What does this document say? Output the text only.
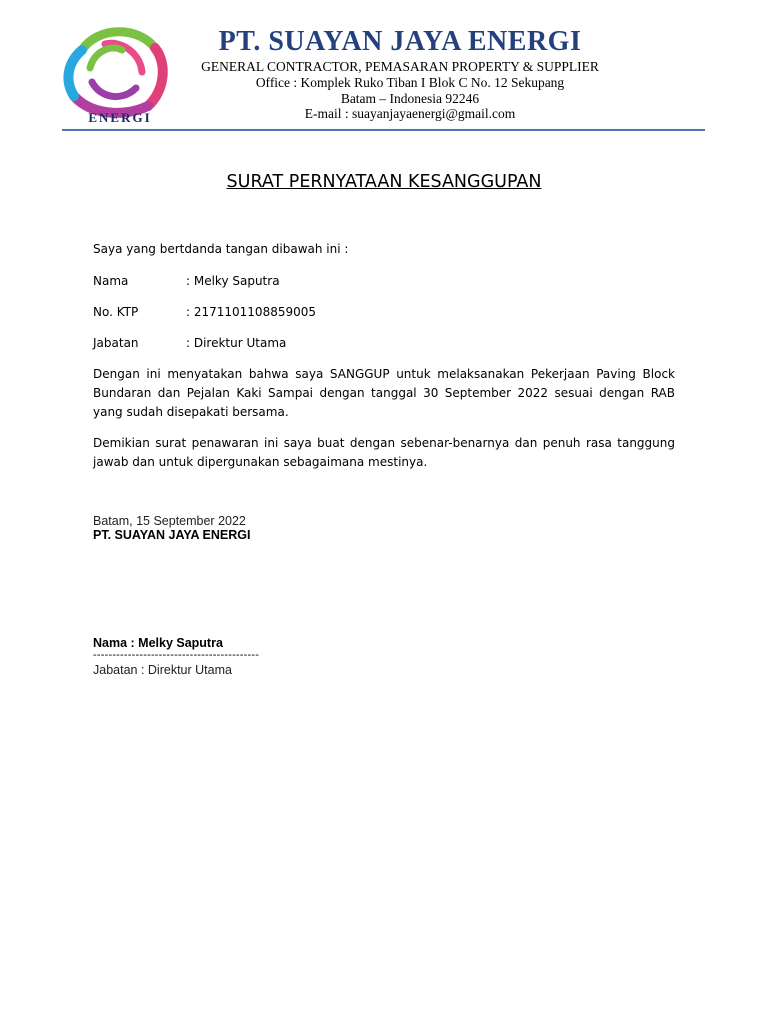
ENERGI
PT. SUAYAN JAYA ENERGI
GENERAL CONTRACTOR, PEMASARAN PROPERTY & SUPPLIER
Office : Komplek Ruko Tiban I Blok C No. 12 Sekupang
Batam – Indonesia 92246
E-mail : suayanjayaenergi@gmail.com
SURAT PERNYATAAN KESANGGUPAN
Saya yang bertdanda tangan dibawah ini :
Nama	: Melky Saputra
No. KTP	: 2171101108859005
Jabatan	: Direktur Utama
Dengan ini menyatakan bahwa saya SANGGUP untuk melaksanakan Pekerjaan Paving Block Bundaran dan Pejalan Kaki Sampai dengan tanggal 30 September 2022 sesuai dengan RAB yang sudah disepakati bersama.
Demikian surat penawaran ini saya buat dengan sebenar-benarnya dan penuh rasa tanggung jawab dan untuk dipergunakan sebagaimana mestinya.
Batam, 15 September 2022
PT. SUAYAN JAYA ENERGI
Nama : Melky Saputra
-------------------------------------------
Jabatan : Direktur Utama
